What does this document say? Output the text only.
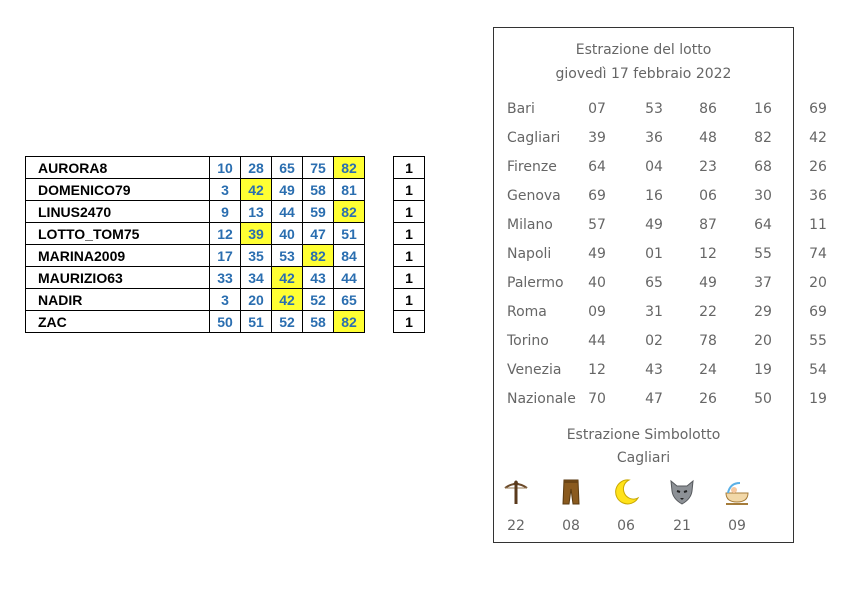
AURORA8	10	28	65	75	82		1
DOMENICO79	3	42	49	58	81		1
LINUS2470	9	13	44	59	82		1
LOTTO_TOM75	12	39	40	47	51		1
MARINA2009	17	35	53	82	84		1
MAURIZIO63	33	34	42	43	44		1
NADIR	3	20	42	52	65		1
ZAC	50	51	52	58	82		1
Estrazione del lotto
giovedì 17 febbraio 2022
Bari	07	53	86	16	69
Cagliari	39	36	48	82	42
Firenze	64	04	23	68	26
Genova	69	16	06	30	36
Milano	57	49	87	64	11
Napoli	49	01	12	55	74
Palermo	40	65	49	37	20
Roma	09	31	22	29	69
Torino	44	02	78	20	55
Venezia	12	43	24	19	54
Nazionale 70	47	26	50	19
Estrazione Simbolotto
Cagliari
22	08	06	21	09
